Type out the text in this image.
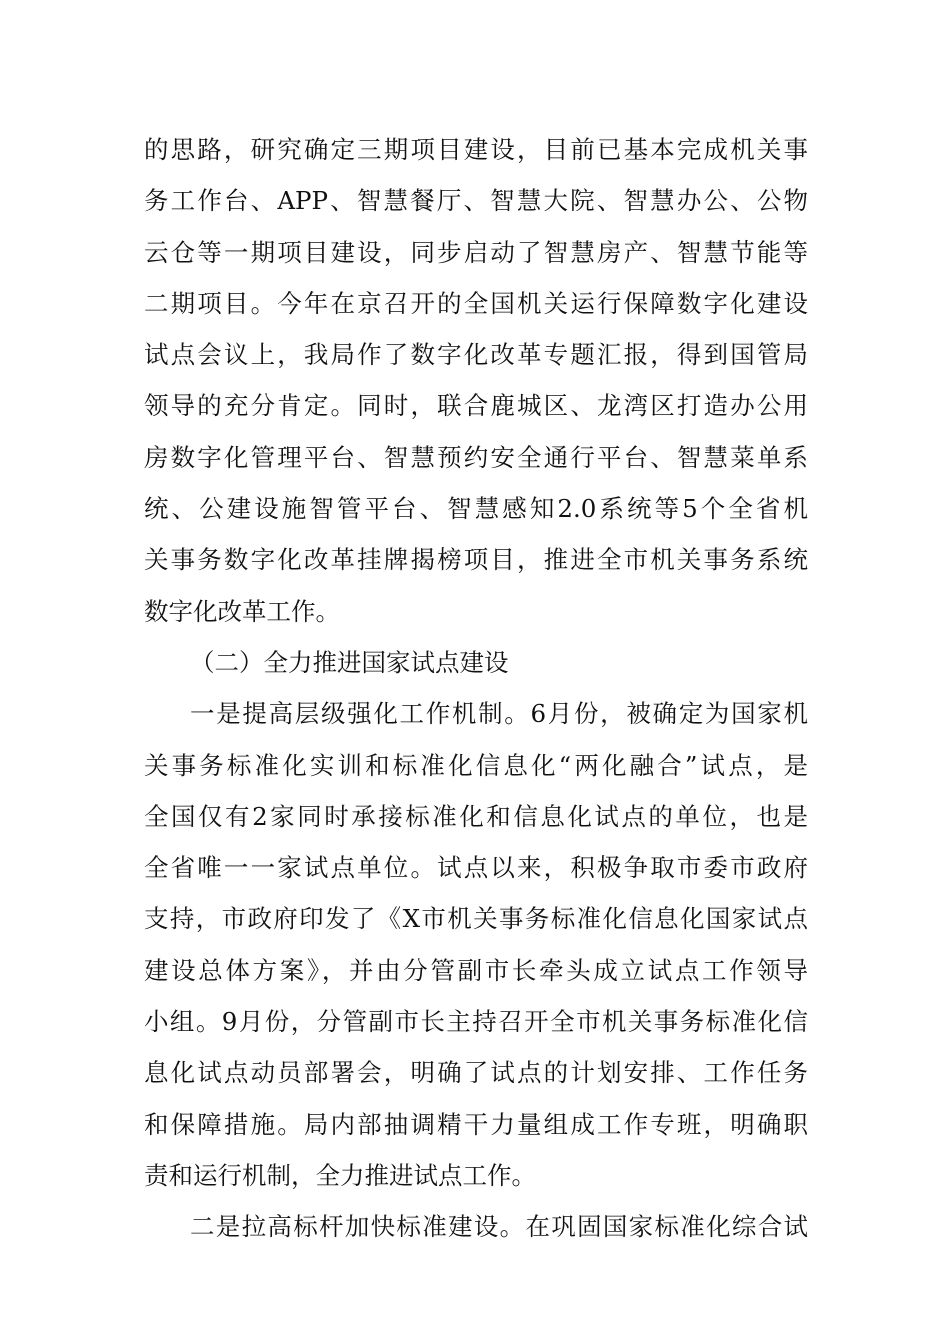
的思路，研究确定三期项目建设，目前已基本完成机关事
务工作台、APP、智慧餐厅、智慧大院、智慧办公、公物
云仓等一期项目建设，同步启动了智慧房产、智慧节能等
二期项目。今年在京召开的全国机关运行保障数字化建设
试点会议上，我局作了数字化改革专题汇报，得到国管局
领导的充分肯定。同时，联合鹿城区、龙湾区打造办公用
房数字化管理平台、智慧预约安全通行平台、智慧菜单系
统、公建设施智管平台、智慧感知2.0系统等5个全省机
关事务数字化改革挂牌揭榜项目，推进全市机关事务系统
数字化改革工作。
（二）全力推进国家试点建设
一是提高层级强化工作机制。6月份，被确定为国家机
关事务标准化实训和标准化信息化“两化融合”试点，是
全国仅有2家同时承接标准化和信息化试点的单位，也是
全省唯一一家试点单位。试点以来，积极争取市委市政府
支持，市政府印发了《X市机关事务标准化信息化国家试点
建设总体方案》，并由分管副市长牵头成立试点工作领导
小组。9月份，分管副市长主持召开全市机关事务标准化信
息化试点动员部署会，明确了试点的计划安排、工作任务
和保障措施。局内部抽调精干力量组成工作专班，明确职
责和运行机制，全力推进试点工作。
二是拉高标杆加快标准建设。在巩固国家标准化综合试
